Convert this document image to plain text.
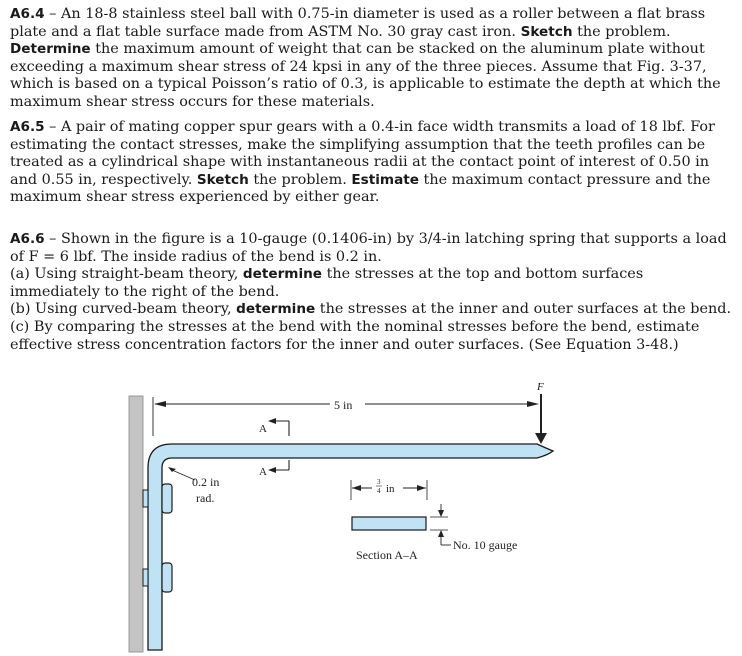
A6.4 – An 18-8 stainless steel ball with 0.75-in diameter is used as a roller between a flat brass plate and a flat table surface made from ASTM No. 30 gray cast iron. Sketch the problem. Determine the maximum amount of weight that can be stacked on the aluminum plate without exceeding a maximum shear stress of 24 kpsi in any of the three pieces. Assume that Fig. 3-37, which is based on a typical Poisson’s ratio of 0.3, is applicable to estimate the depth at which the maximum shear stress occurs for these materials.

A6.5 – A pair of mating copper spur gears with a 0.4-in face width transmits a load of 18 lbf. For estimating the contact stresses, make the simplifying assumption that the teeth profiles can be treated as a cylindrical shape with instantaneous radii at the contact point of interest of 0.50 in and 0.55 in, respectively. Sketch the problem. Estimate the maximum contact pressure and the maximum shear stress experienced by either gear.

A6.6 – Shown in the figure is a 10-gauge (0.1406-in) by 3/4-in latching spring that supports a load of F = 6 lbf. The inside radius of the bend is 0.2 in.

(a) Using straight-beam theory, determine the stresses at the top and bottom surfaces immediately to the right of the bend.

(b) Using curved-beam theory, determine the stresses at the inner and outer surfaces at the bend.

(c) By comparing the stresses at the bend with the nominal stresses before the bend, estimate effective stress concentration factors for the inner and outer surfaces. (See Equation 3-48.)

0.2 in
rad.
5 in
F
A
A
3
4 in
No. 10 gauge
Section A–A
